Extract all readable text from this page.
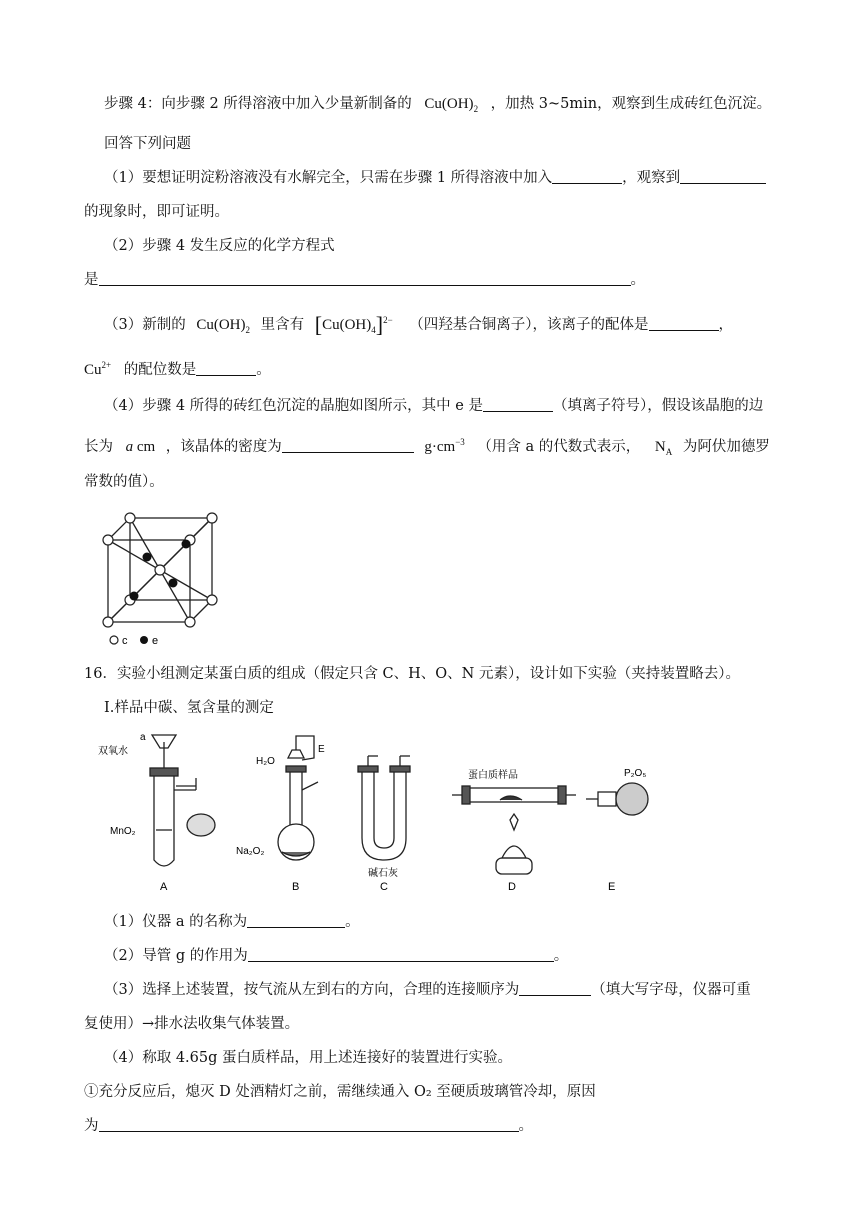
步骤 4：向步骤 2 所得溶液中加入少量新制备的 $Cu(OH)_2$ ，加热 3~5min，观察到生成砖红色沉淀。
回答下列问题
（1）要想证明淀粉溶液没有水解完全，只需在步骤 1 所得溶液中加入	，观察到
的现象时，即可证明。
（2）步骤 4 发生反应的化学方程式
是	。
（3）新制的 $Cu(OH)_2$ 里含有 $[Cu(OH)_4]^{2-}$ （四羟基合铜离子），该离子的配体是	，
$Cu^{2+}$ 的配位数是	。
（4）步骤 4 所得的砖红色沉淀的晶胞如图所示，其中 e 是	（填离子符号），假设该晶胞的边
长为 a cm ，该晶体的密度为	$g\cdot cm^{-3}$ （用含 a 的代数式表示， $N_A$ 为阿伏加德罗
常数的值）。
c e
16．实验小组测定某蛋白质的组成（假定只含 C、H、O、N 元素），设计如下实验（夹持装置略去）。
I.样品中碳、氢含量的测定
a
双氧水
MnO₂
A
H₂O
E
Na₂O₂
B
碱石灰
C
蛋白质样品
D
P₂O₅
E
（1）仪器 a 的名称为	。
（2）导管 g 的作用为	。
（3）选择上述装置，按气流从左到右的方向，合理的连接顺序为	（填大写字母，仪器可重
复使用）→排水法收集气体装置。
（4）称取 4.65g 蛋白质样品，用上述连接好的装置进行实验。
①充分反应后，熄灭 D 处酒精灯之前，需继续通入 O₂ 至硬质玻璃管冷却，原因
为	。
